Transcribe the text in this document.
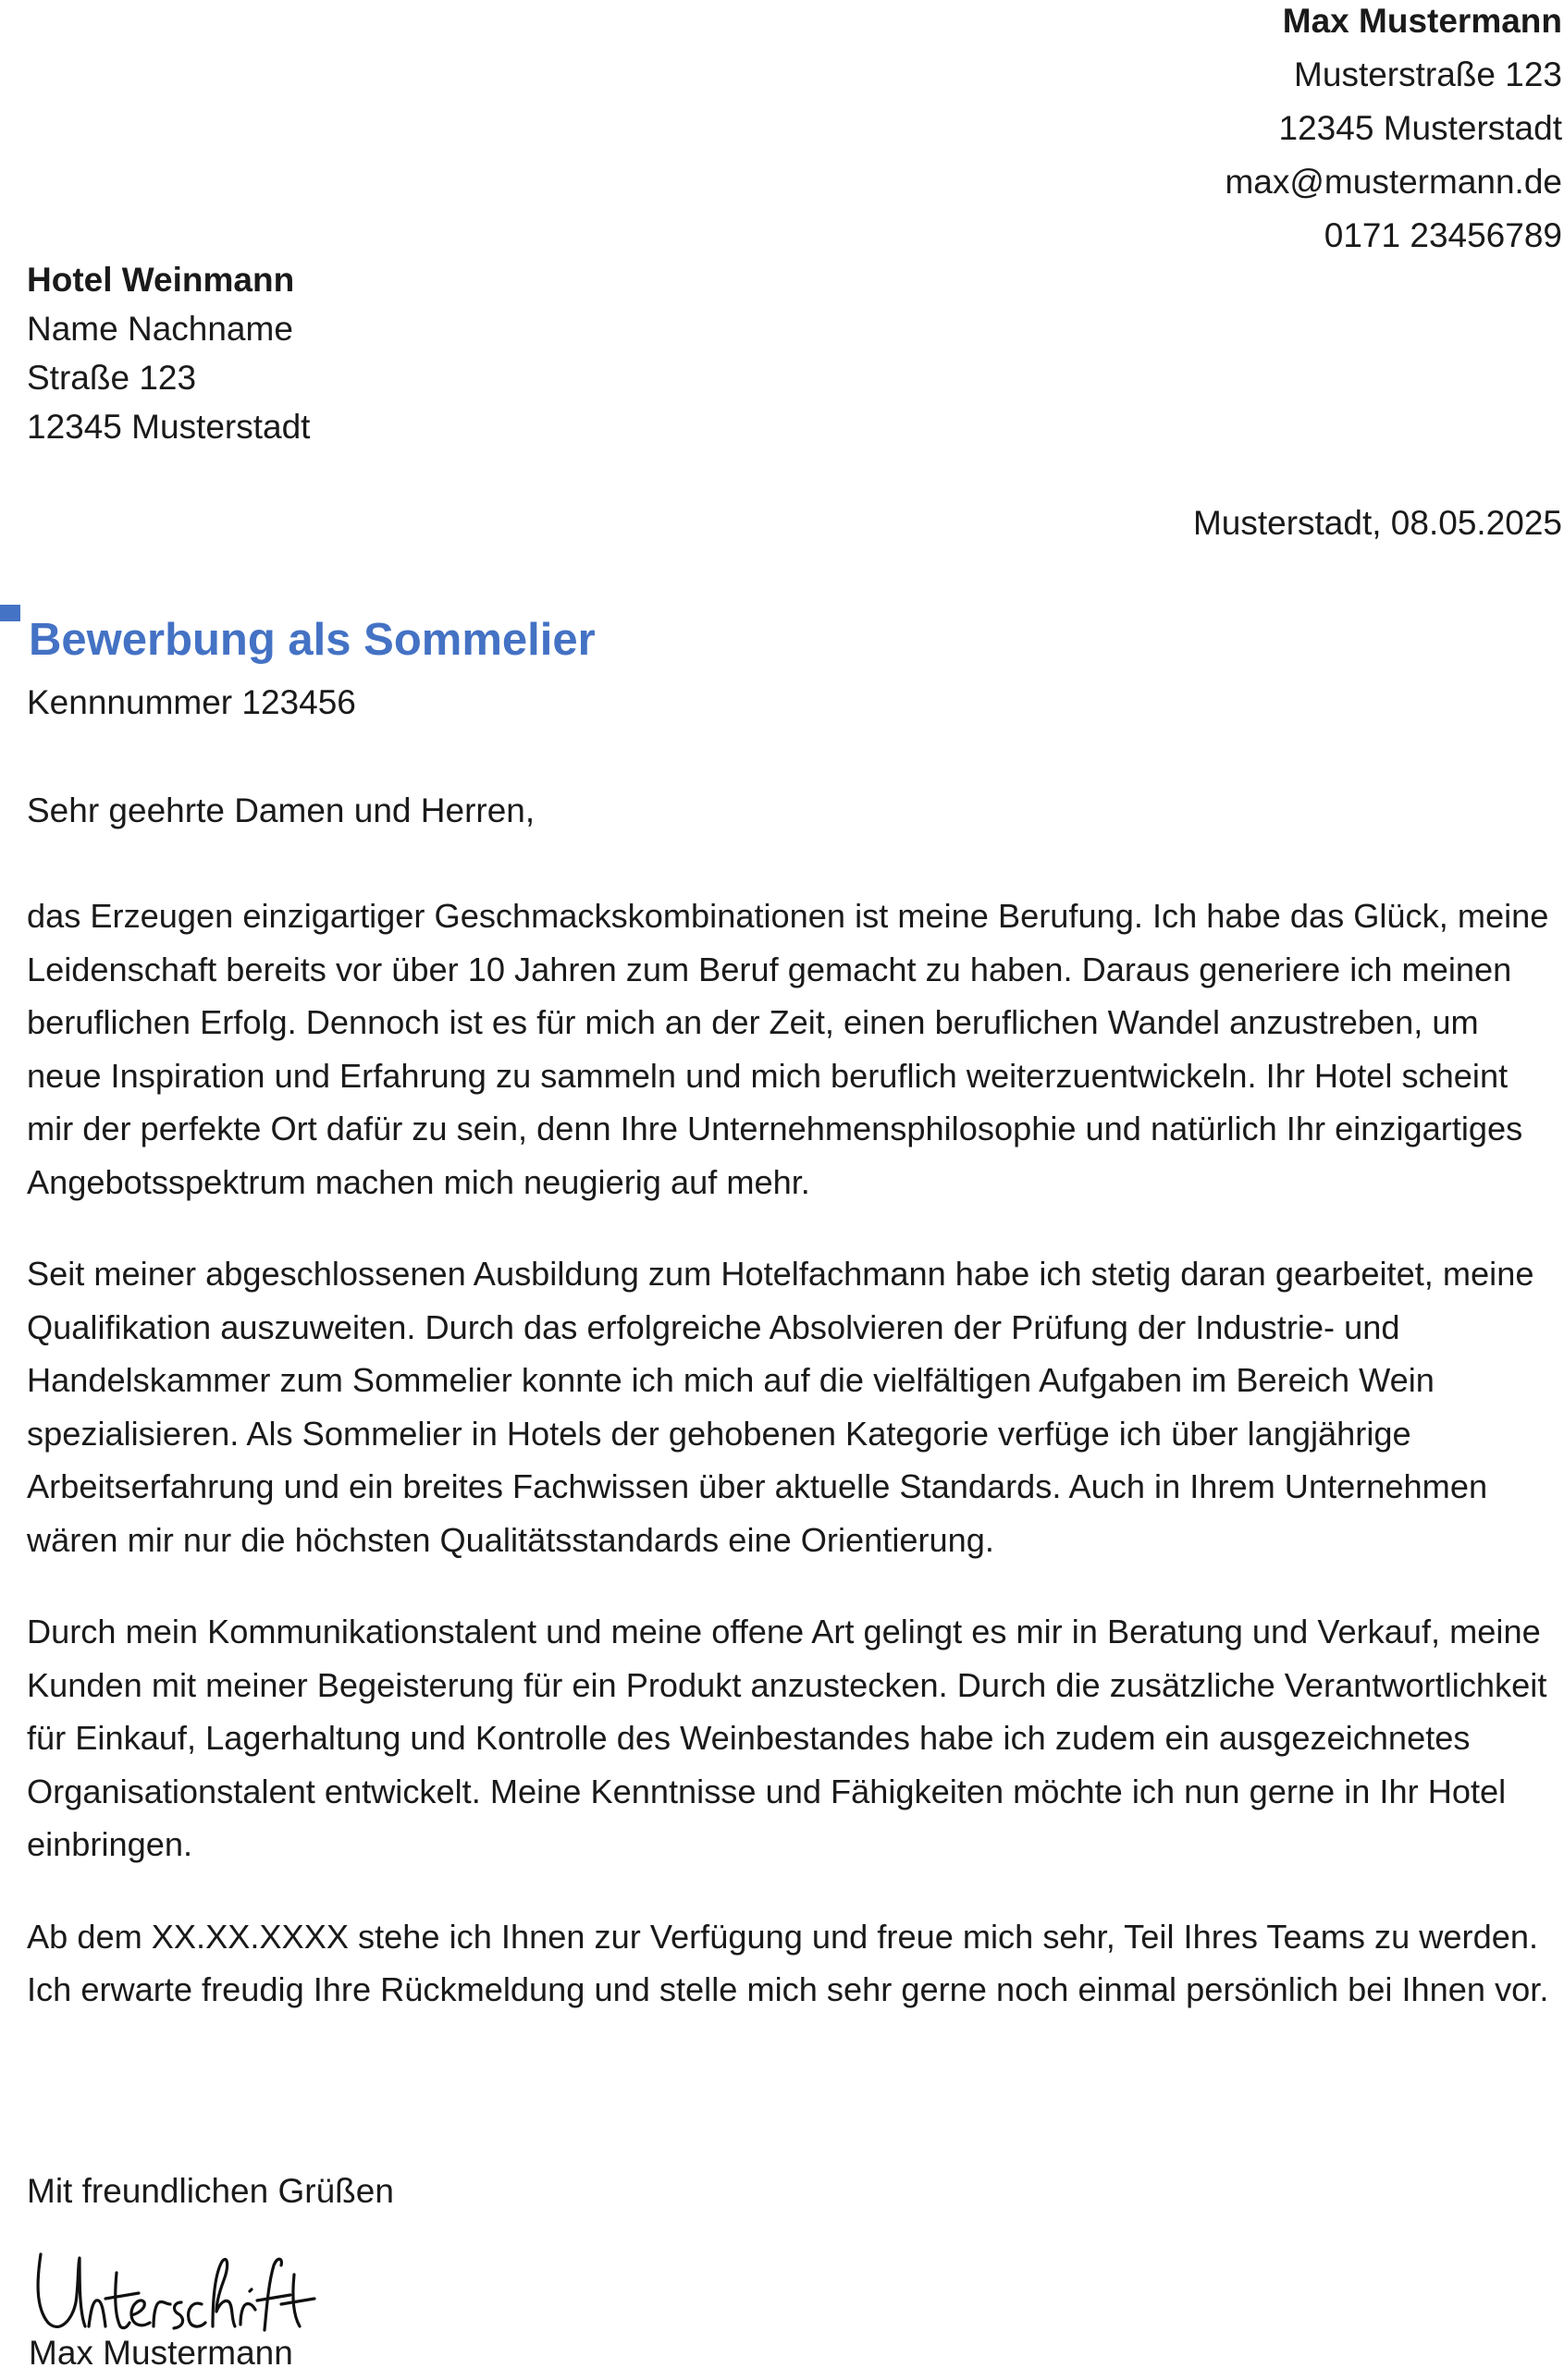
Max Mustermann
Musterstraße 123
12345 Musterstadt
max@mustermann.de
0171 23456789
Hotel Weinmann
Name Nachname
Straße 123
12345 Musterstadt
Musterstadt, 08.05.2025
Bewerbung als Sommelier
Kennnummer 123456
Sehr geehrte Damen und Herren,

das Erzeugen einzigartiger Geschmackskombinationen ist meine Berufung. Ich habe das Glück, meine Leidenschaft bereits vor über 10 Jahren zum Beruf gemacht zu haben. Daraus generiere ich meinen beruflichen Erfolg. Dennoch ist es für mich an der Zeit, einen beruflichen Wandel anzustreben, um neue Inspiration und Erfahrung zu sammeln und mich beruflich weiterzuentwickeln. Ihr Hotel scheint mir der perfekte Ort dafür zu sein, denn Ihre Unternehmensphilosophie und natürlich Ihr einzigartiges Angebotsspektrum machen mich neugierig auf mehr.

Seit meiner abgeschlossenen Ausbildung zum Hotelfachmann habe ich stetig daran gearbeitet, meine Qualifikation auszuweiten. Durch das erfolgreiche Absolvieren der Prüfung der Industrie- und Handelskammer zum Sommelier konnte ich mich auf die vielfältigen Aufgaben im Bereich Wein spezialisieren. Als Sommelier in Hotels der gehobenen Kategorie verfüge ich über langjährige Arbeitserfahrung und ein breites Fachwissen über aktuelle Standards. Auch in Ihrem Unternehmen wären mir nur die höchsten Qualitätsstandards eine Orientierung.

Durch mein Kommunikationstalent und meine offene Art gelingt es mir in Beratung und Verkauf, meine Kunden mit meiner Begeisterung für ein Produkt anzustecken. Durch die zusätzliche Verantwortlichkeit für Einkauf, Lagerhaltung und Kontrolle des Weinbestandes habe ich zudem ein ausgezeichnetes Organisationstalent entwickelt. Meine Kenntnisse und Fähigkeiten möchte ich nun gerne in Ihr Hotel einbringen.

Ab dem XX.XX.XXXX stehe ich Ihnen zur Verfügung und freue mich sehr, Teil Ihres Teams zu werden. Ich erwarte freudig Ihre Rückmeldung und stelle mich sehr gerne noch einmal persönlich bei Ihnen vor.

Mit freundlichen Grüßen
Max Mustermann
